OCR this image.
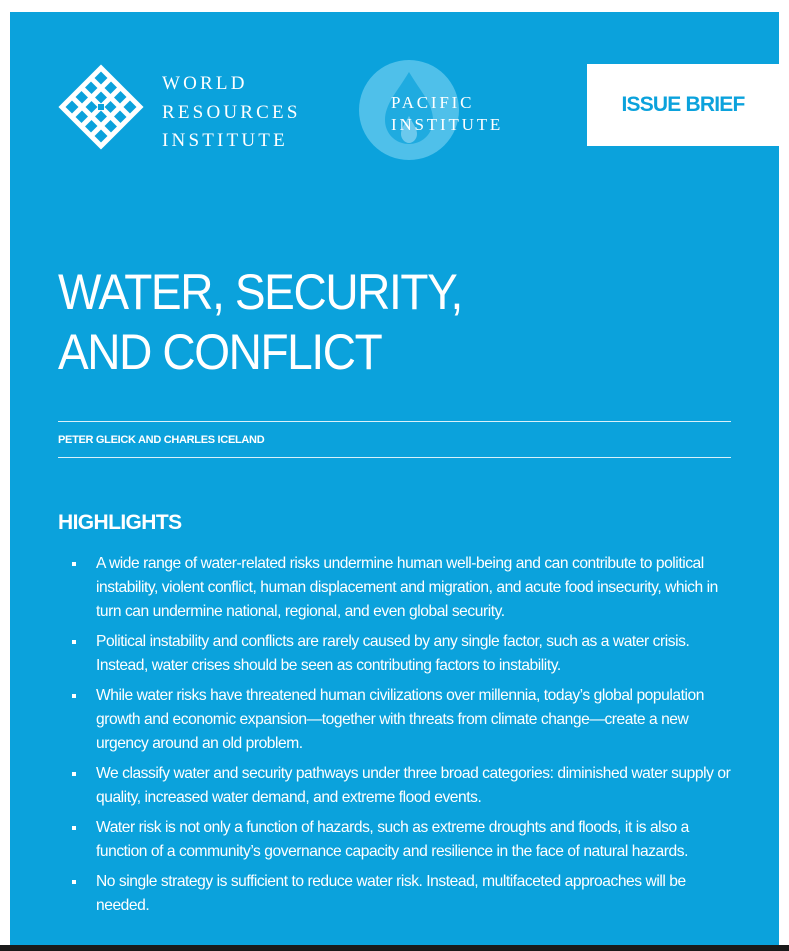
WORLD
RESOURCES
INSTITUTE
PACIFIC
INSTITUTE
ISSUE BRIEF
WATER, SECURITY,
AND CONFLICT
PETER GLEICK AND CHARLES ICELAND
HIGHLIGHTS
A wide range of water-related risks undermine human well-being and can contribute to political instability, violent conflict, human displacement and migration, and acute food insecurity, which in turn can undermine national, regional, and even global security.
Political instability and conflicts are rarely caused by any single factor, such as a water crisis. Instead, water crises should be seen as contributing factors to instability.
While water risks have threatened human civilizations over millennia, today’s global population growth and economic expansion—together with threats from climate change—create a new urgency around an old problem.
We classify water and security pathways under three broad categories: diminished water supply or quality, increased water demand, and extreme flood events.
Water risk is not only a function of hazards, such as extreme droughts and floods, it is also a function of a community’s governance capacity and resilience in the face of natural hazards.
No single strategy is sufficient to reduce water risk. Instead, multifaceted approaches will be needed.
